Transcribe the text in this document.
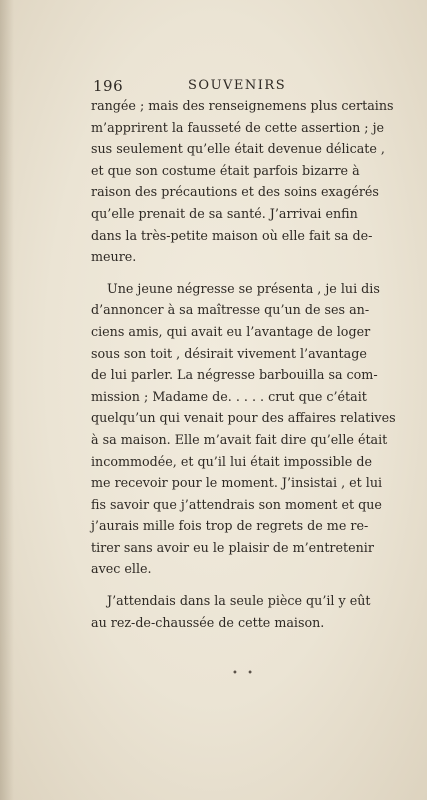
196	SOUVENIRS
rangée ; mais des renseignemens plus certains
m’apprirent la fausseté de cette assertion ; je
sus seulement qu’elle était devenue délicate ,
et que son costume était parfois bizarre à
raison des précautions et des soins exagérés
qu’elle prenait de sa santé. J’arrivai enfin
dans la très-petite maison où elle fait sa de-
meure.
Une jeune négresse se présenta , je lui dis
d’annoncer à sa maîtresse qu’un de ses an-
ciens amis, qui avait eu l’avantage de loger
sous son toit , désirait vivement l’avantage
de lui parler. La négresse barbouilla sa com-
mission ; Madame de. . . . . crut que c’était
quelqu’un qui venait pour des affaires relatives
à sa maison. Elle m’avait fait dire qu’elle était
incommodée, et qu’il lui était impossible de
me recevoir pour le moment. J’insistai , et lui
fis savoir que j’attendrais son moment et que
j’aurais mille fois trop de regrets de me re-
tirer sans avoir eu le plaisir de m’entretenir
avec elle.
J’attendais dans la seule pièce qu’il y eût
au rez-de-chaussée de cette maison.
• •
